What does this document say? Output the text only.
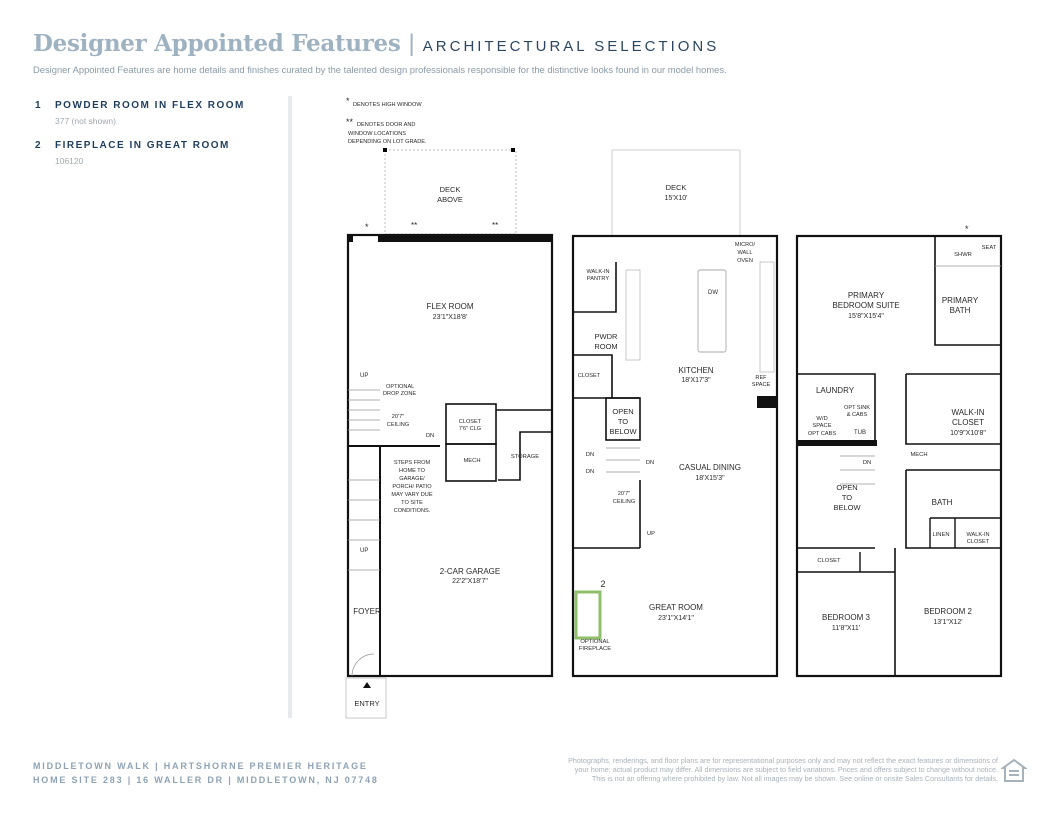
Designer Appointed Features | ARCHITECTURAL SELECTIONS
Designer Appointed Features are home details and finishes curated by the talented design professionals responsible for the distinctive looks found in our model homes.
1 POWDER ROOM IN FLEX ROOM
377 (not shown)
2 FIREPLACE IN GREAT ROOM
106120
* DENOTES HIGH WINDOW
** DENOTES DOOR AND
WINDOW LOCATIONS
DEPENDING ON LOT GRADE.
*	**	**
DECK
ABOVE
FLEX ROOM
23'1"X18'8'
UP
OPTIONAL
DROP ZONE
20'7"
CEILING
DN
CLOSET
7'6" CLG
MECH
STORAGE
STEPS FROM
HOME TO
GARAGE/
PORCH/ PATIO
MAY VARY DUE
TO SITE
CONDITIONS.
UP
2-CAR GARAGE
22'2"X18'7"
FOYER
ENTRY
DECK
15'X10'
MICRO/
WALL
OVEN
WALK-IN
PANTRY
DW
PWDR
ROOM
CLOSET
KITCHEN
18'X17'3"	REF
SPACE
OPEN
TO
BELOW
DN
DN
DN	CASUAL DINING
18'X15'3"
20'7"
CEILING
UP
2
GREAT ROOM
23'1"X14'1"
OPTIONAL
FIREPLACE
*
SHWR
SEAT
PRIMARY
BEDROOM SUITE
15'8"X15'4"
PRIMARY
BATH
LAUNDRY
W/D
SPACE
OPT CABS
OPT SINK
& CABS
TUB
WALK-IN
CLOSET
10'9"X10'8"
DN
MECH
OPEN
TO
BELOW
BATH
LINEN	WALK-IN
CLOSET
CLOSET
BEDROOM 3
11'8"X11'
BEDROOM 2
13'1"X12'
MIDDLETOWN WALK | HARTSHORNE PREMIER HERITAGE
HOME SITE 283 | 16 WALLER DR | MIDDLETOWN, NJ 07748
Photographs, renderings, and floor plans are for representational purposes only and may not reflect the exact features or dimensions of
your home; actual product may differ. All dimensions are subject to field variations. Prices and offers subject to change without notice.
This is not an offering where prohibited by law. Not all images may be shown. See online or onsite Sales Consultants for details.
